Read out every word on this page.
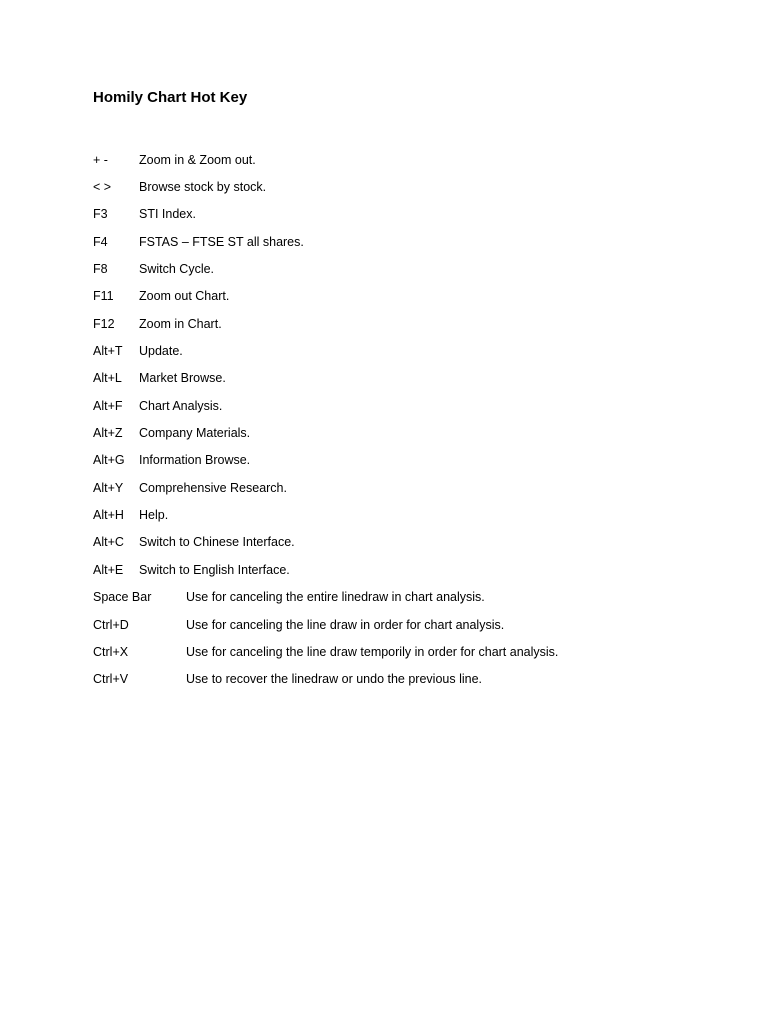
Homily Chart Hot Key
+ -	Zoom in & Zoom out.
< >	Browse stock by stock.
F3	STI Index.
F4	FSTAS – FTSE ST all shares.
F8	Switch Cycle.
F11	Zoom out Chart.
F12	Zoom in Chart.
Alt+T	Update.
Alt+L	Market Browse.
Alt+F	Chart Analysis.
Alt+Z	Company Materials.
Alt+G	Information Browse.
Alt+Y	Comprehensive Research.
Alt+H	Help.
Alt+C	Switch to Chinese Interface.
Alt+E	Switch to English Interface.
Space Bar	Use for canceling the entire linedraw in chart analysis.
Ctrl+D	Use for canceling the line draw in order for chart analysis.
Ctrl+X	Use for canceling the line draw temporily in order for chart analysis.
Ctrl+V	Use to recover the linedraw or undo the previous line.
